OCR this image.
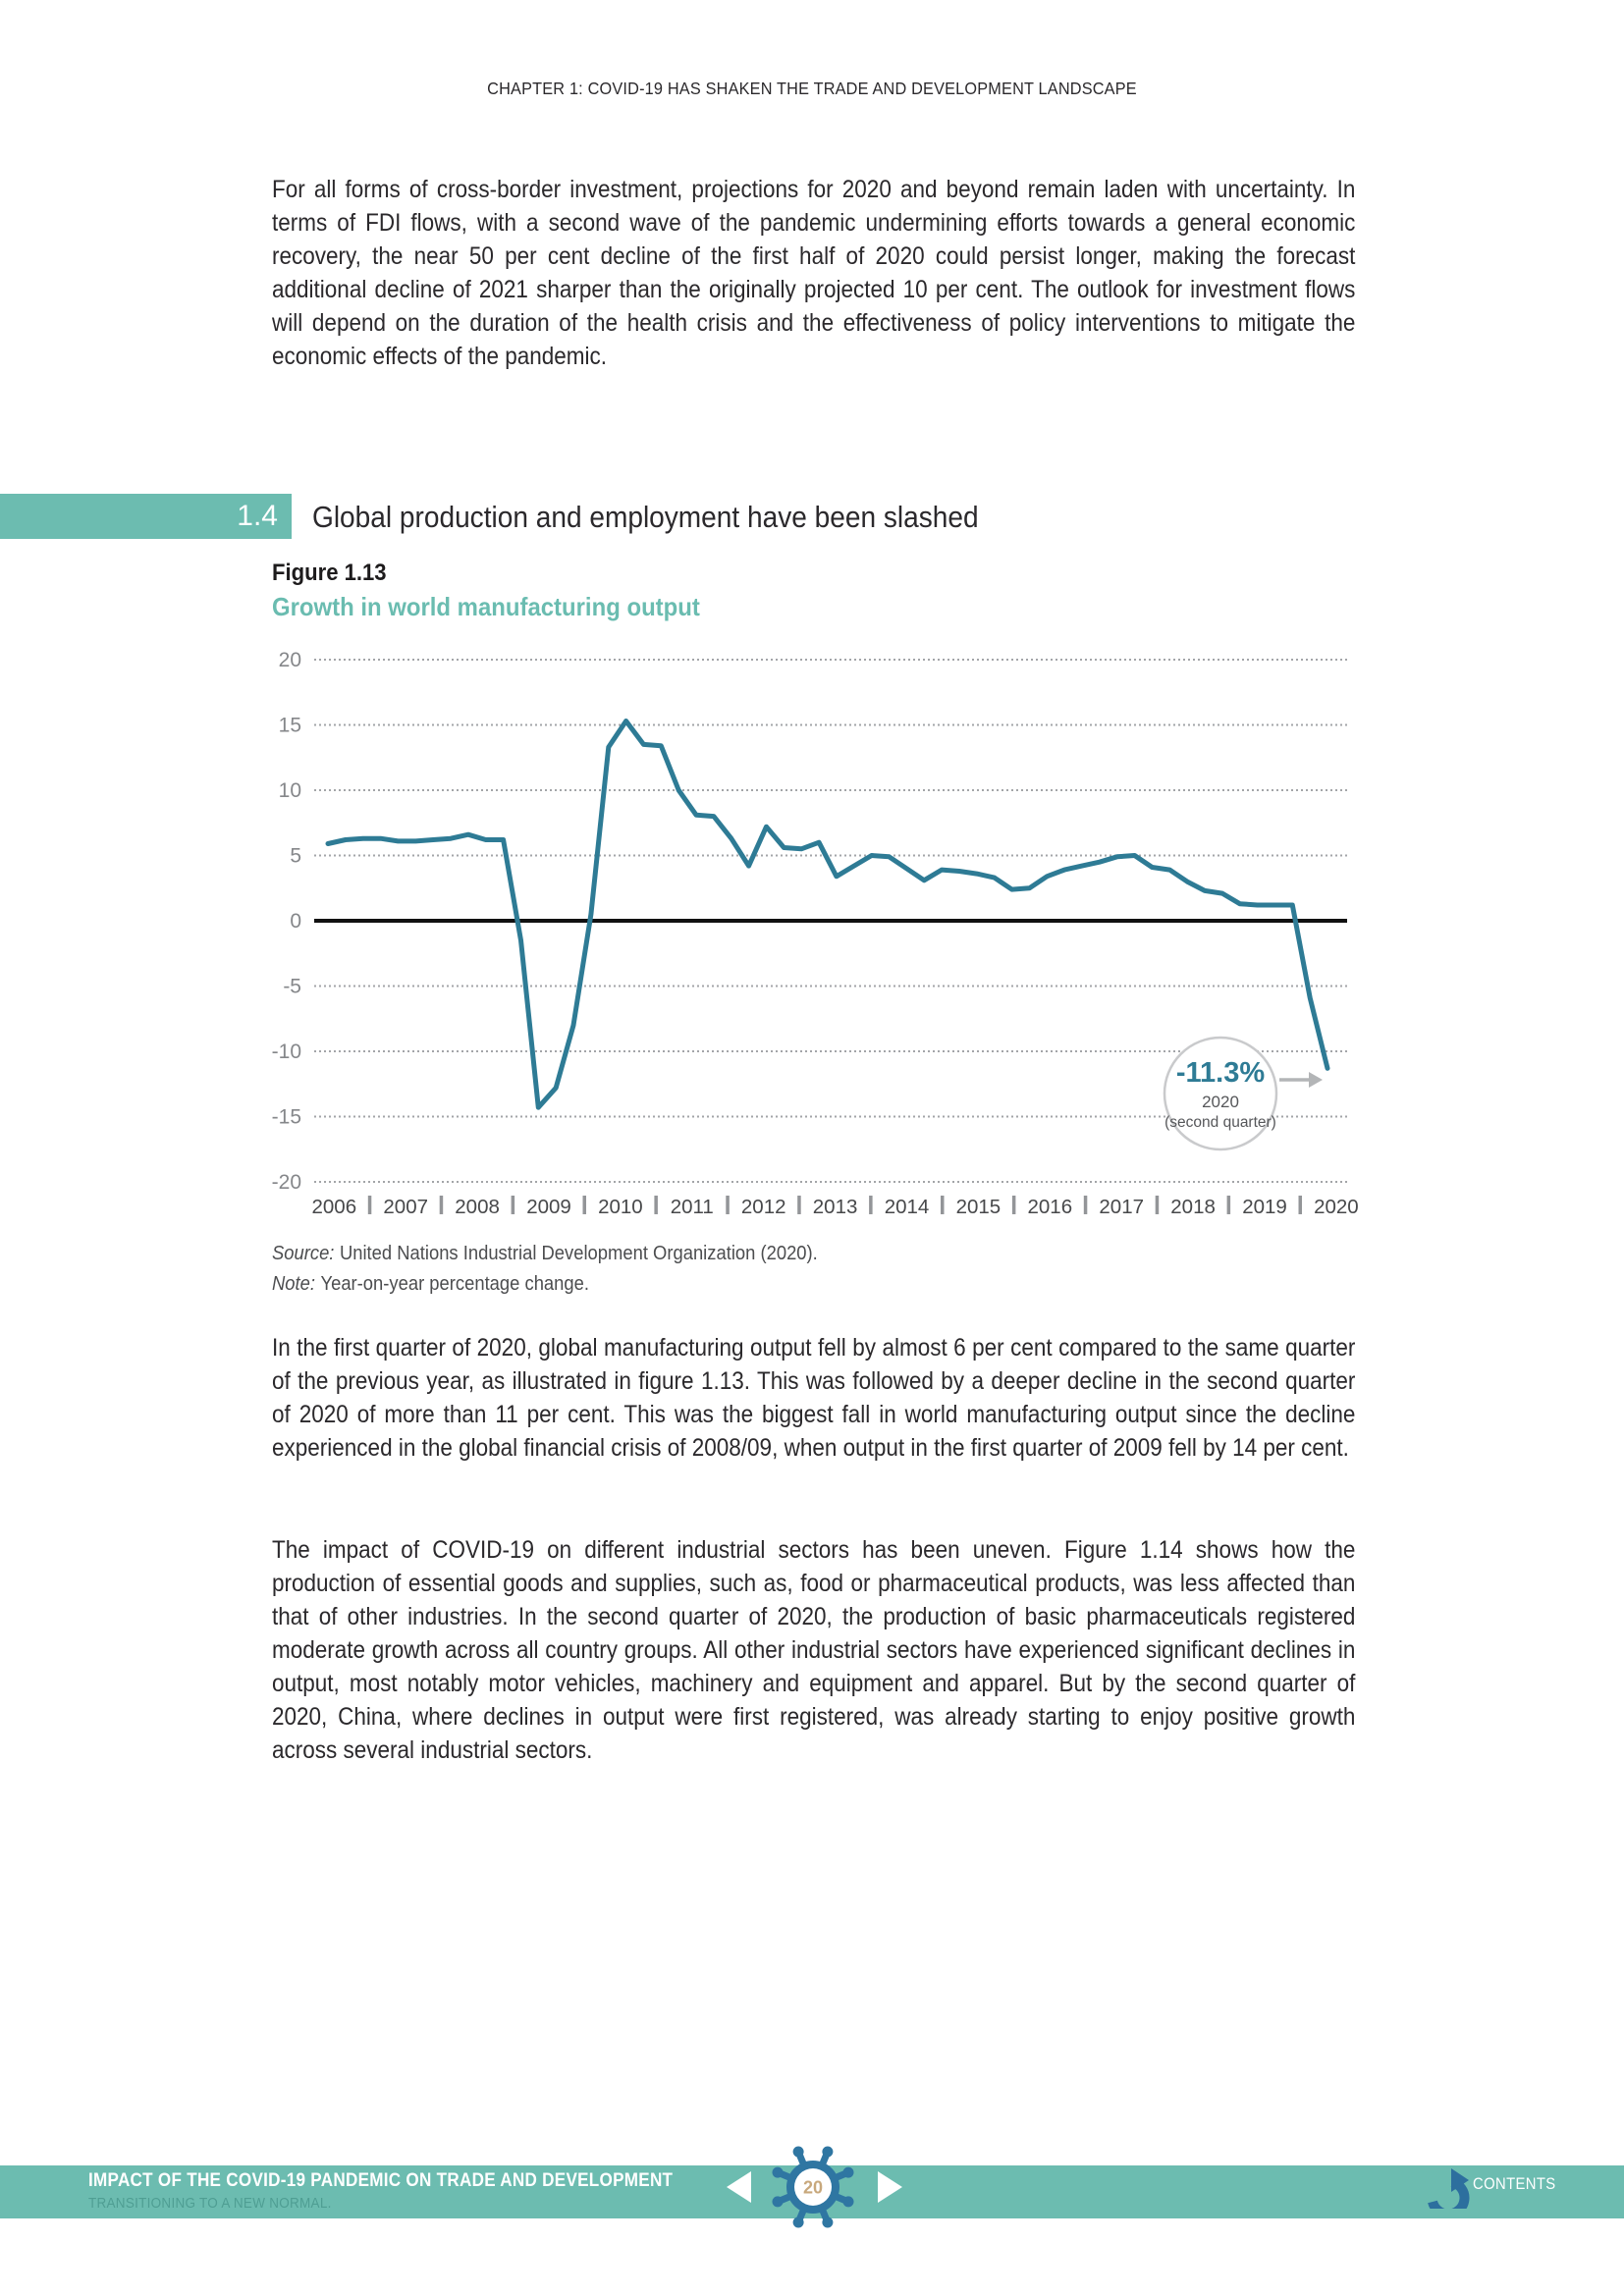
CHAPTER 1: COVID-19 HAS SHAKEN THE TRADE AND DEVELOPMENT LANDSCAPE
For all forms of cross-border investment, projections for 2020 and beyond remain laden with uncertainty. In terms of FDI flows, with a second wave of the pandemic undermining efforts towards a general economic recovery, the near 50 per cent decline of the first half of 2020 could persist longer, making the forecast additional decline of 2021 sharper than the originally projected 10 per cent. The outlook for investment flows will depend on the duration of the health crisis and the effectiveness of policy interventions to mitigate the economic effects of the pandemic.
1.4 Global production and employment have been slashed
Figure 1.13
Growth in world manufacturing output
20
15
10
5
0
-5
-10
-15
-20
-11.3%
2020
(second quarter)
2006 2007 2008 2009 2010 2011 2012 2013 2014 2015 2016 2017 2018 2019 2020
Source: United Nations Industrial Development Organization (2020).
Note: Year-on-year percentage change.
In the first quarter of 2020, global manufacturing output fell by almost 6 per cent compared to the same quarter of the previous year, as illustrated in figure 1.13. This was followed by a deeper decline in the second quarter of 2020 of more than 11 per cent. This was the biggest fall in world manufacturing output since the decline experienced in the global financial crisis of 2008/09, when output in the first quarter of 2009 fell by 14 per cent.
The impact of COVID-19 on different industrial sectors has been uneven. Figure 1.14 shows how the production of essential goods and supplies, such as, food or pharmaceutical products, was less affected than that of other industries. In the second quarter of 2020, the production of basic pharmaceuticals registered moderate growth across all country groups. All other industrial sectors have experienced significant declines in output, most notably motor vehicles, machinery and equipment and apparel. But by the second quarter of 2020, China, where declines in output were first registered, was already starting to enjoy positive growth across several industrial sectors.
IMPACT OF THE COVID-19 PANDEMIC ON TRADE AND DEVELOPMENT
TRANSITIONING TO A NEW NORMAL.
20	CONTENTS
